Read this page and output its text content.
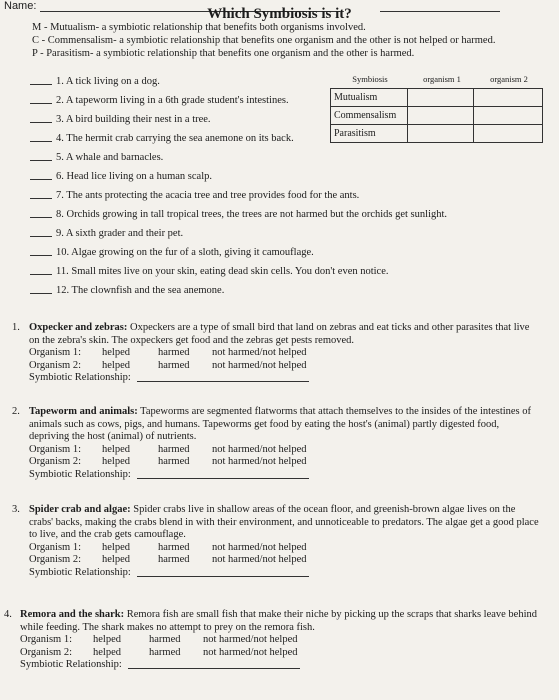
Name:	Which Symbiosis is it?
M - Mutualism- a symbiotic relationship that benefits both organisms involved.
C - Commensalism- a symbiotic relationship that benefits one organism and the other is not helped or harmed.
P - Parasitism- a symbiotic relationship that benefits one organism and the other is harmed.
1. A tick living on a dog.
2. A tapeworm living in a 6th grade student's intestines.
3. A bird building their nest in a tree.
4. The hermit crab carrying the sea anemone on its back.
5. A whale and barnacles.
6. Head lice living on a human scalp.
7. The ants protecting the acacia tree and tree provides food for the ants.
8. Orchids growing in tall tropical trees, the trees are not harmed but the orchids get sunlight.
9. A sixth grader and their pet.
10. Algae growing on the fur of a sloth, giving it camouflage.
11. Small mites live on your skin, eating dead skin cells. You don't even notice.
12. The clownfish and the sea anemone.
Symbiosis	organism 1	organism 2
Mutualism		
Commensalism		
Parasitism		
1. Oxpecker and zebras: Oxpeckers are a type of small bird that land on zebras and eat ticks and other parasites that live on the zebra's skin. The oxpeckers get food and the zebras get pests removed.
Organism 1: helped	harmed not harmed/not helped
Organism 2: helped	harmed not harmed/not helped
Symbiotic Relationship:
2. Tapeworm and animals: Tapeworms are segmented flatworms that attach themselves to the insides of the intestines of animals such as cows, pigs, and humans. Tapeworms get food by eating the host's (animal) partly digested food, depriving the host (animal) of nutrients.
Organism 1: helped	harmed not harmed/not helped
Organism 2: helped	harmed not harmed/not helped
Symbiotic Relationship:
3. Spider crab and algae: Spider crabs live in shallow areas of the ocean floor, and greenish-brown algae lives on the crabs' backs, making the crabs blend in with their environment, and unnoticeable to predators. The algae get a good place to live, and the crab gets camouflage.
Organism 1: helped	harmed not harmed/not helped
Organism 2: helped	harmed not harmed/not helped
Symbiotic Relationship:
4. Remora and the shark: Remora fish are small fish that make their niche by picking up the scraps that sharks leave behind while feeding. The shark makes no attempt to prey on the remora fish.
Organism 1: helped	harmed not harmed/not helped
Organism 2: helped	harmed not harmed/not helped
Symbiotic Relationship:
